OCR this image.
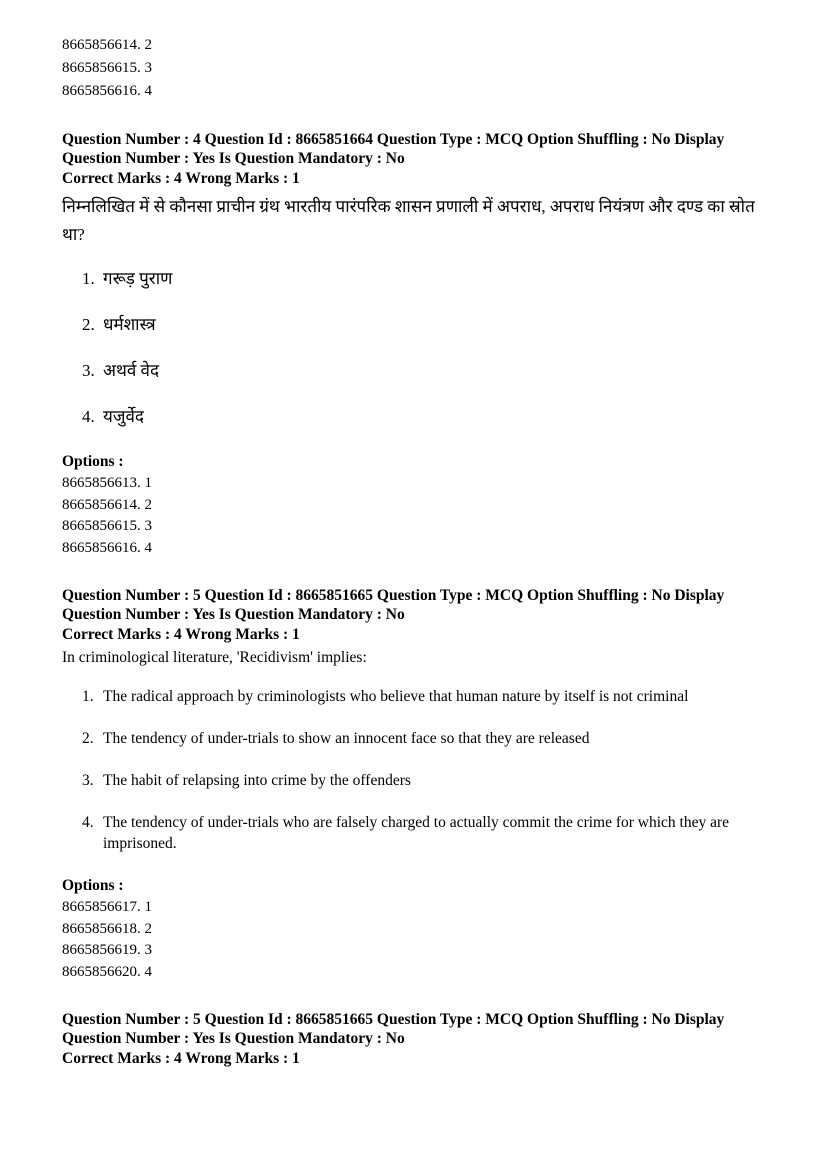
8665856614. 2
8665856615. 3
8665856616. 4

Question Number : 4 Question Id : 8665851664 Question Type : MCQ Option Shuffling : No Display Question Number : Yes Is Question Mandatory : No

Correct Marks : 4 Wrong Marks : 1

निम्नलिखित में से कौनसा प्राचीन ग्रंथ भारतीय पारंपरिक शासन प्रणाली में अपराध, अपराध नियंत्रण और दण्ड का स्रोत था?

1. गरूड़ पुराण
2. धर्मशास्त्र
3. अथर्व वेद
4. यजुर्वेद

Options :

8665856613. 1
8665856614. 2
8665856615. 3
8665856616. 4

Question Number : 5 Question Id : 8665851665 Question Type : MCQ Option Shuffling : No Display Question Number : Yes Is Question Mandatory : No

Correct Marks : 4 Wrong Marks : 1

In criminological literature, 'Recidivism' implies:

1. The radical approach by criminologists who believe that human nature by itself is not criminal
2. The tendency of under-trials to show an innocent face so that they are released
3. The habit of relapsing into crime by the offenders
4. The tendency of under-trials who are falsely charged to actually commit the crime for which they are imprisoned.

Options :

8665856617. 1
8665856618. 2
8665856619. 3
8665856620. 4

Question Number : 5 Question Id : 8665851665 Question Type : MCQ Option Shuffling : No Display Question Number : Yes Is Question Mandatory : No

Correct Marks : 4 Wrong Marks : 1
